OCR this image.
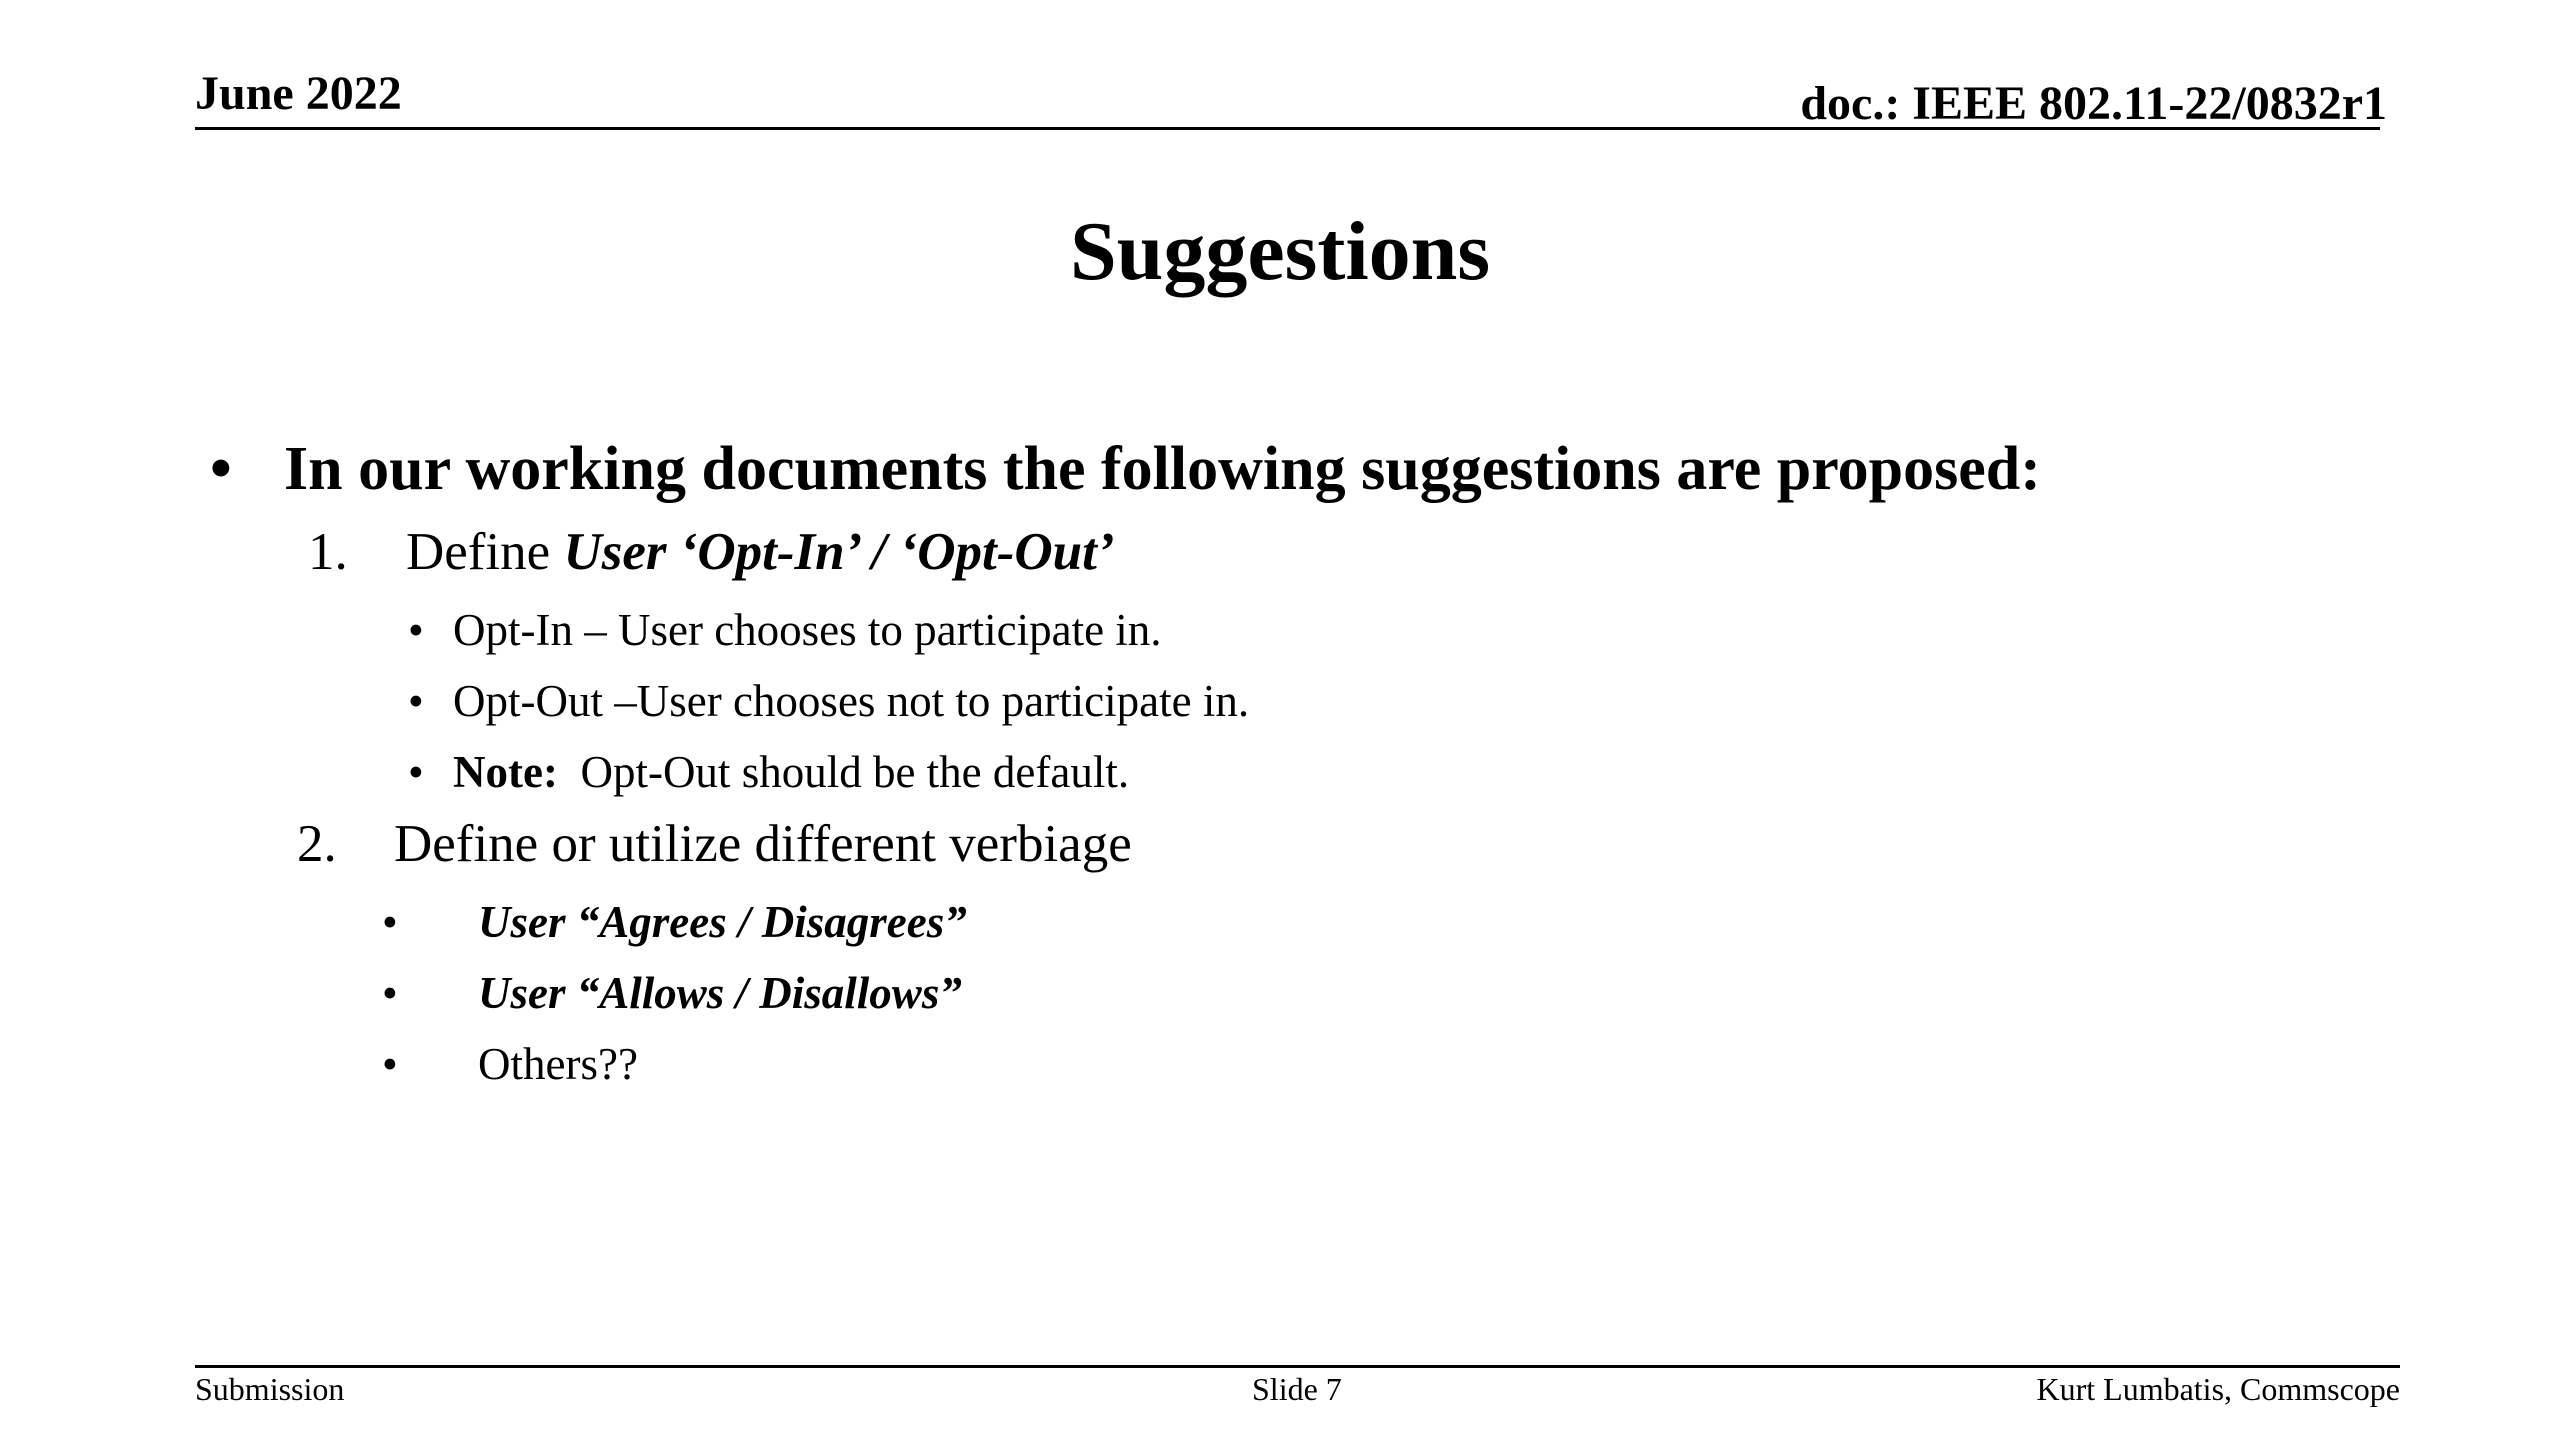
June 2022	doc.: IEEE 802.11-22/0832r1
Suggestions
• In our working documents the following suggestions are proposed:
1. Define User ‘Opt-In’ / ‘Opt-Out’
• Opt-In – User chooses to participate in.
• Opt-Out –User chooses not to participate in.
• Note: Opt-Out should be the default.
2. Define or utilize different verbiage
• User “Agrees / Disagrees”
• User “Allows / Disallows”
• Others??
Submission	Slide 7	Kurt Lumbatis, Commscope
